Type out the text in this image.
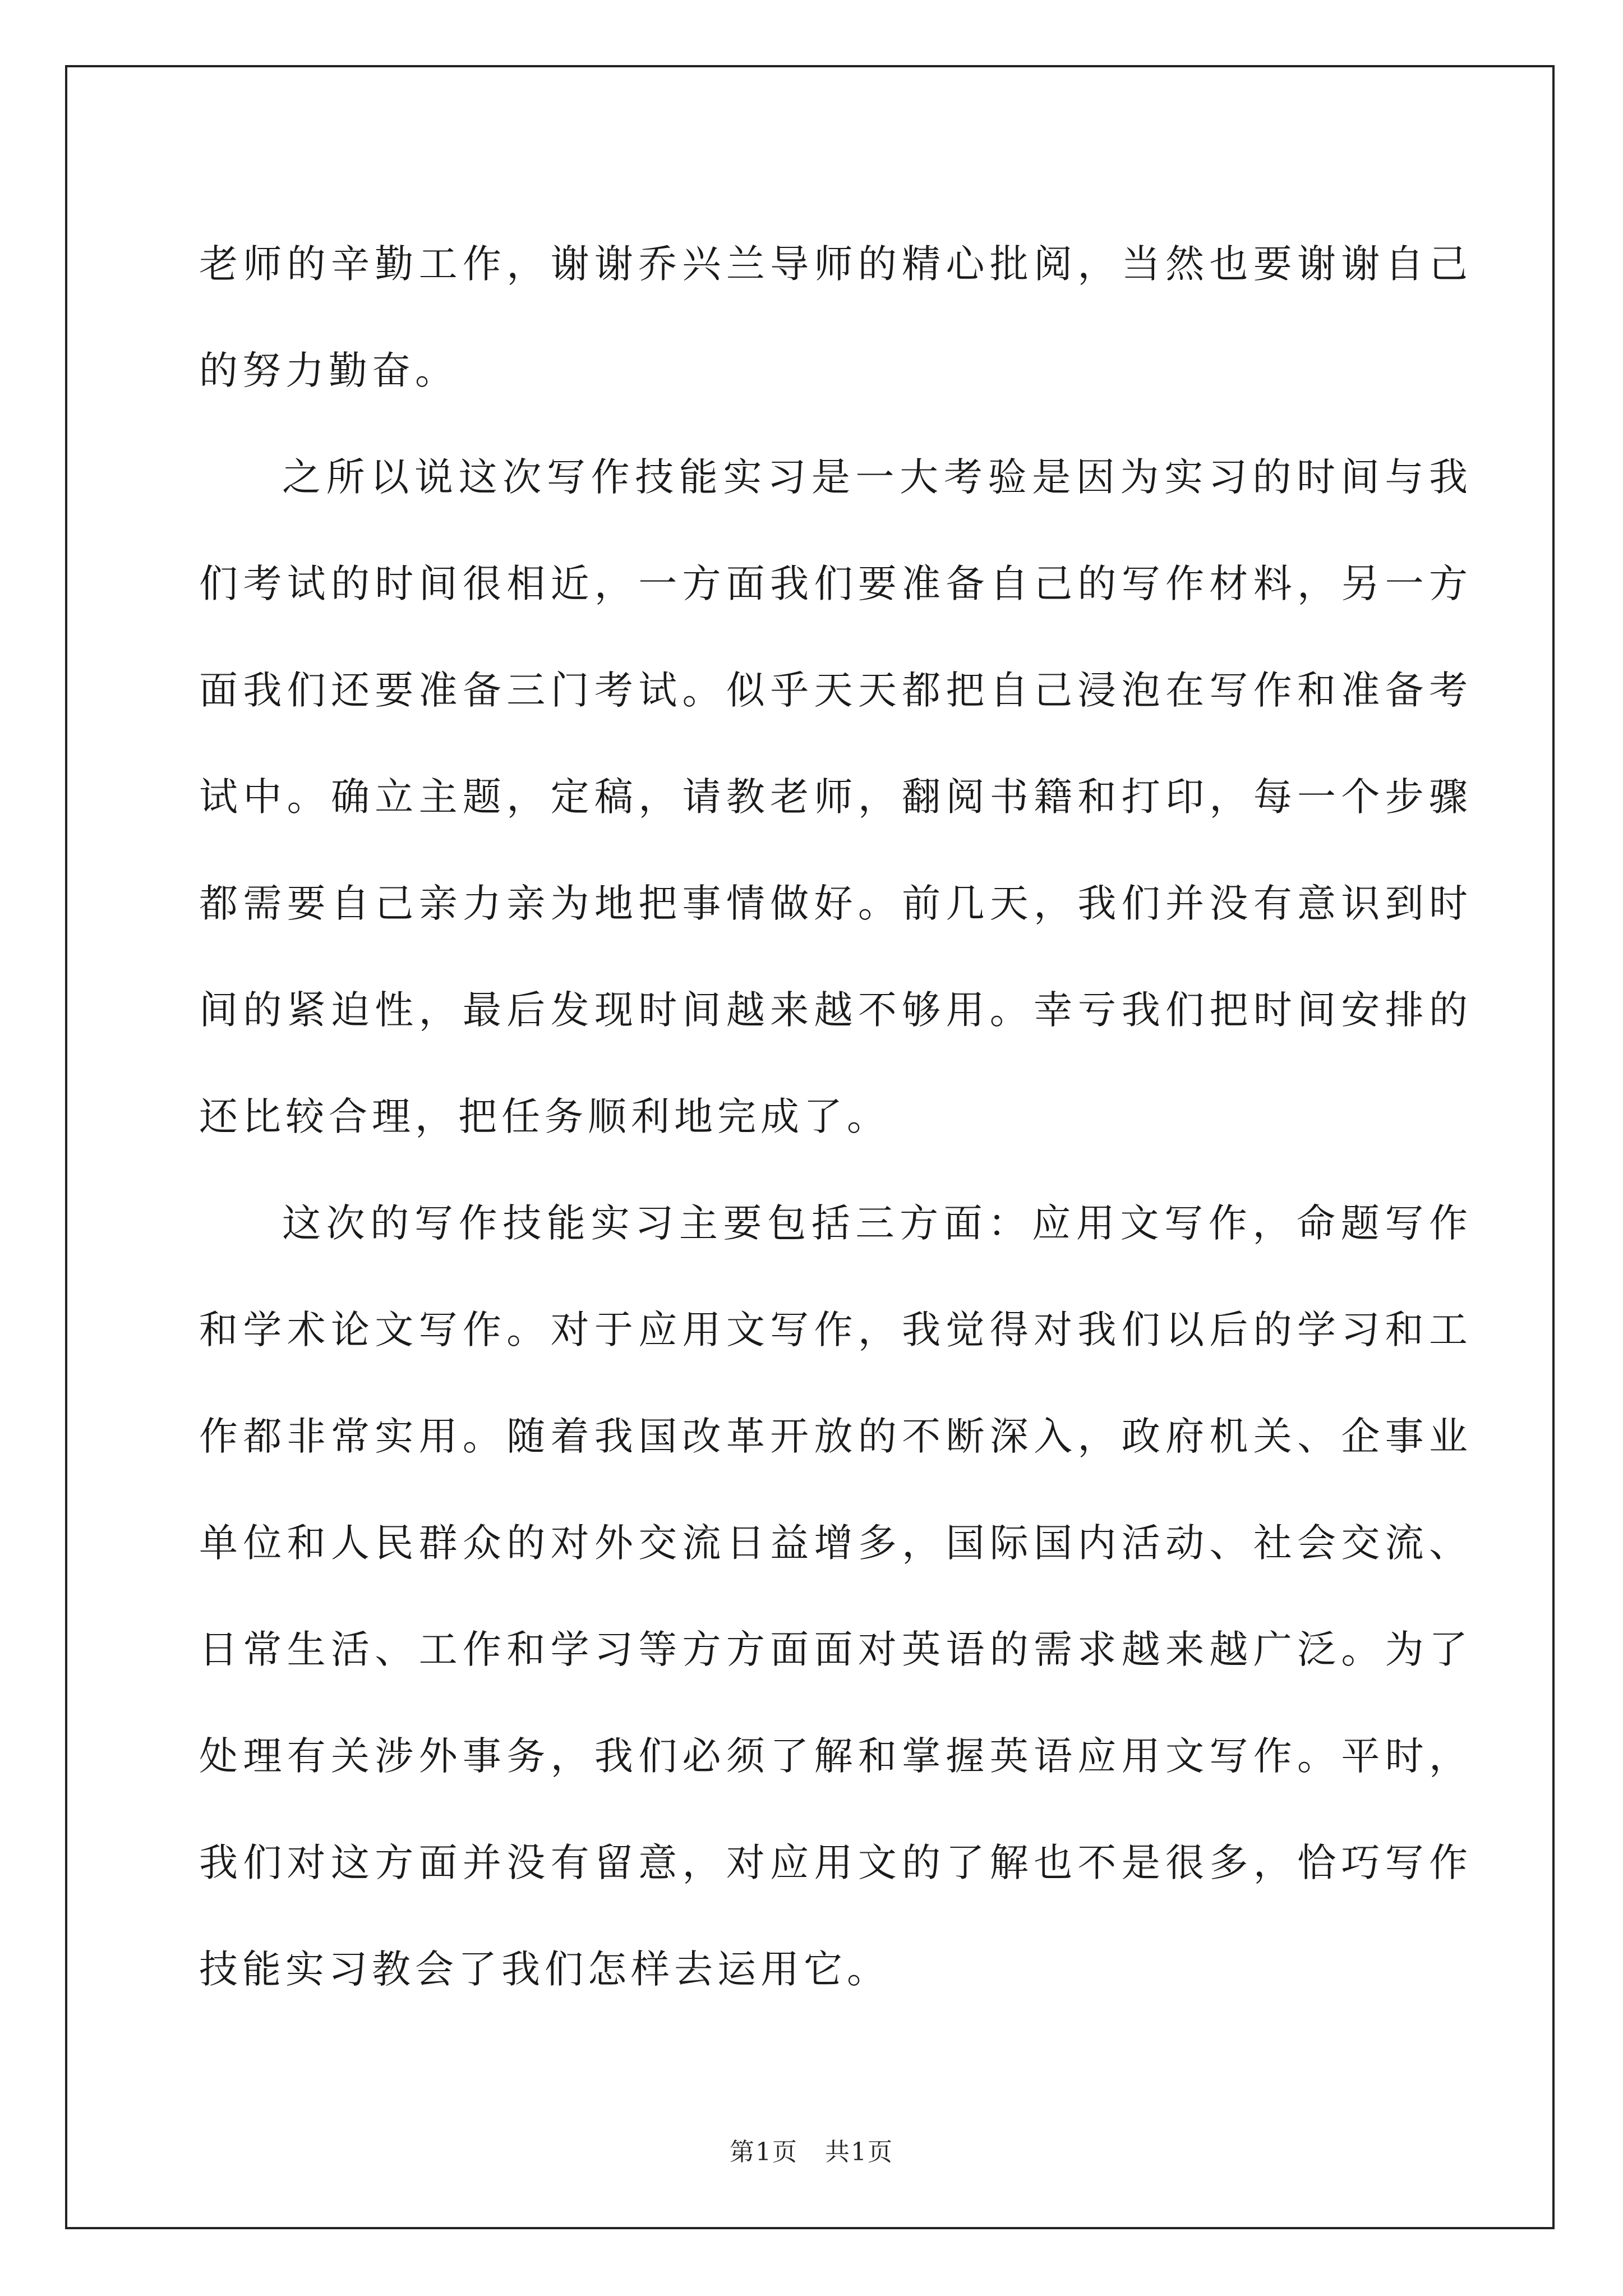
老师的辛勤工作，谢谢乔兴兰导师的精心批阅，当然也要谢谢自己的努力勤奋。

之所以说这次写作技能实习是一大考验是因为实习的时间与我们考试的时间很相近，一方面我们要准备自己的写作材料，另一方面我们还要准备三门考试。似乎天天都把自己浸泡在写作和准备考试中。确立主题，定稿，请教老师，翻阅书籍和打印，每一个步骤都需要自己亲力亲为地把事情做好。前几天，我们并没有意识到时间的紧迫性，最后发现时间越来越不够用。幸亏我们把时间安排的还比较合理，把任务顺利地完成了。

这次的写作技能实习主要包括三方面：应用文写作，命题写作和学术论文写作。对于应用文写作，我觉得对我们以后的学习和工作都非常实用。随着我国改革开放的不断深入，政府机关、企事业单位和人民群众的对外交流日益增多，国际国内活动、社会交流、日常生活、工作和学习等方方面面对英语的需求越来越广泛。为了处理有关涉外事务，我们必须了解和掌握英语应用文写作。平时，我们对这方面并没有留意，对应用文的了解也不是很多，恰巧写作技能实习教会了我们怎样去运用它。

第1页 共1页
